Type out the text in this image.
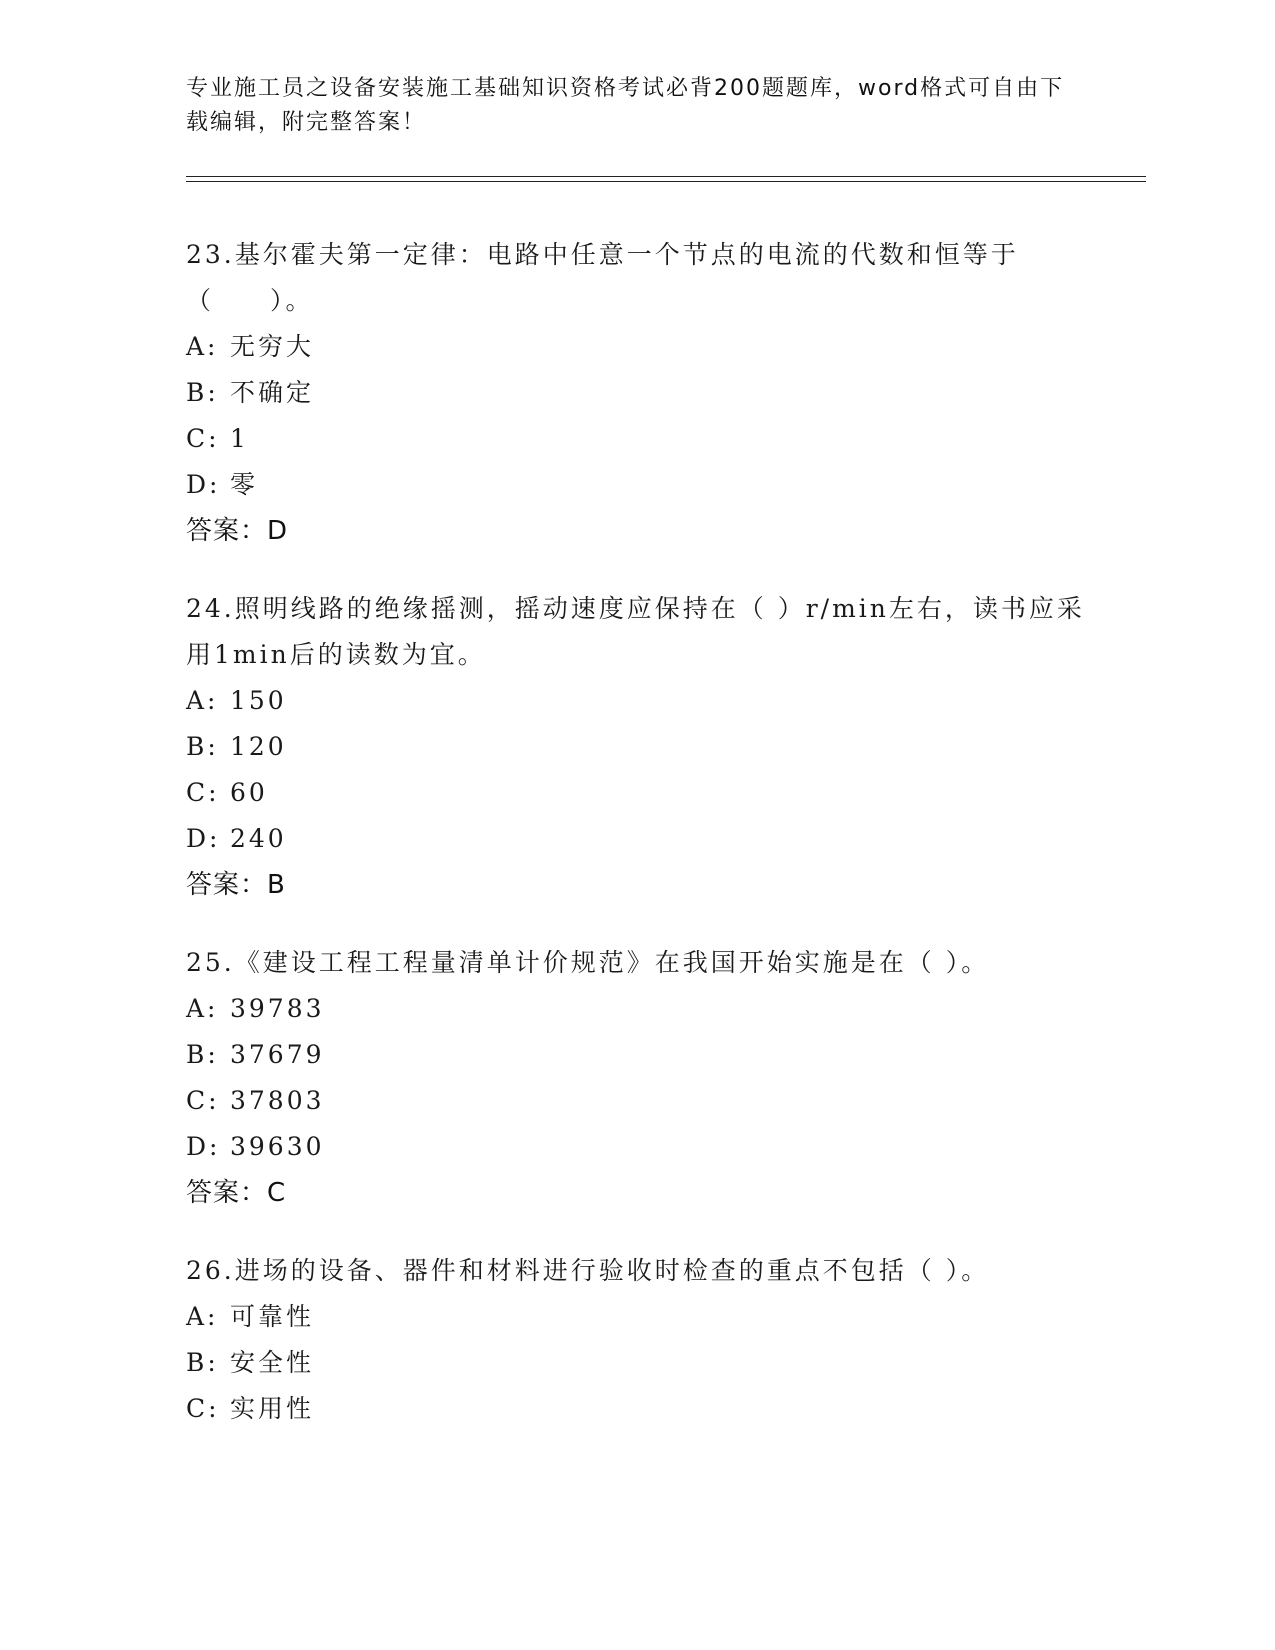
专业施工员之设备安装施工基础知识资格考试必背200题题库，word格式可自由下载编辑，附完整答案！
23.基尔霍夫第一定律：电路中任意一个节点的电流的代数和恒等于（　　）。
A: 无穷大
B: 不确定
C: 1
D: 零
答案：D
24.照明线路的绝缘摇测，摇动速度应保持在（ ）r/min左右，读书应采用1min后的读数为宜。
A: 150
B: 120
C: 60
D: 240
答案：B
25.《建设工程工程量清单计价规范》在我国开始实施是在（ ）。
A: 39783
B: 37679
C: 37803
D: 39630
答案：C
26.进场的设备、器件和材料进行验收时检查的重点不包括（ ）。
A: 可靠性
B: 安全性
C: 实用性
